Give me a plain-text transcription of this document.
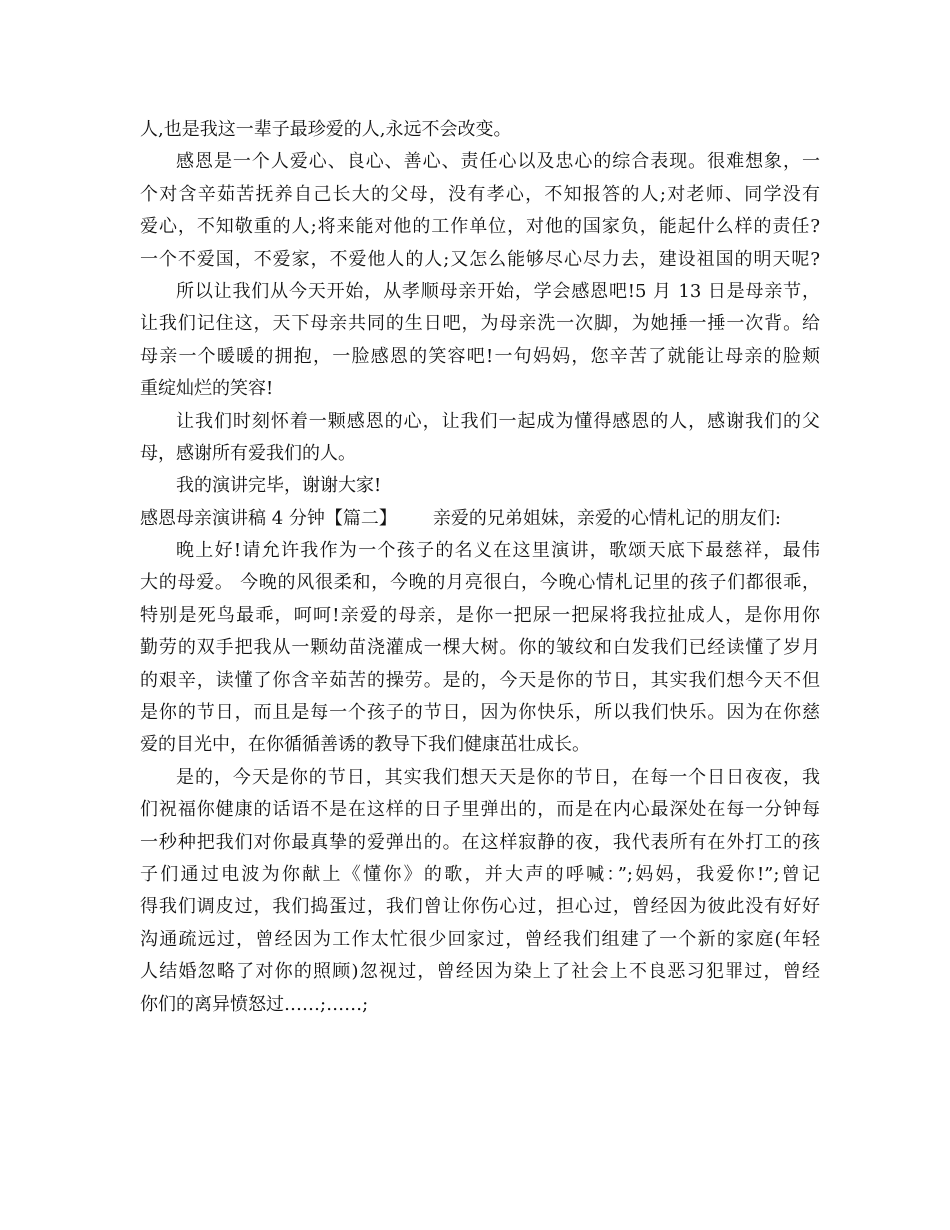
人,也是我这一辈子最珍爱的人,永远不会改变。
感恩是一个人爱心、良心、善心、责任心以及忠心的综合表现。很难想象，一
个对含辛茹苦抚养自己长大的父母，没有孝心，不知报答的人;对老师、同学没有
爱心，不知敬重的人;将来能对他的工作单位，对他的国家负，能起什么样的责任?
一个不爱国，不爱家，不爱他人的人;又怎么能够尽心尽力去，建设祖国的明天呢?
所以让我们从今天开始，从孝顺母亲开始，学会感恩吧!5 月 13 日是母亲节，
让我们记住这，天下母亲共同的生日吧，为母亲洗一次脚，为她捶一捶一次背。给
母亲一个暖暖的拥抱，一脸感恩的笑容吧!一句妈妈，您辛苦了就能让母亲的脸颊
重绽灿烂的笑容!
让我们时刻怀着一颗感恩的心，让我们一起成为懂得感恩的人，感谢我们的父
母，感谢所有爱我们的人。
我的演讲完毕，谢谢大家!
感恩母亲演讲稿 4 分钟【篇二】 亲爱的兄弟姐妹，亲爱的心情札记的朋友们:
晚上好!请允许我作为一个孩子的名义在这里演讲，歌颂天底下最慈祥，最伟
大的母爱。 今晚的风很柔和，今晚的月亮很白，今晚心情札记里的孩子们都很乖，
特别是死鸟最乖，呵呵!亲爱的母亲，是你一把尿一把屎将我拉扯成人，是你用你
勤劳的双手把我从一颗幼苗浇灌成一棵大树。你的皱纹和白发我们已经读懂了岁月
的艰辛，读懂了你含辛茹苦的操劳。是的，今天是你的节日，其实我们想今天不但
是你的节日，而且是每一个孩子的节日，因为你快乐，所以我们快乐。因为在你慈
爱的目光中，在你循循善诱的教导下我们健康茁壮成长。
是的，今天是你的节日，其实我们想天天是你的节日，在每一个日日夜夜，我
们祝福你健康的话语不是在这样的日子里弹出的，而是在内心最深处在每一分钟每
一秒种把我们对你最真挚的爱弹出的。在这样寂静的夜，我代表所有在外打工的孩
子们通过电波为你献上《懂你》的歌，并大声的呼喊：”;妈妈，我爱你!”;曾记
得我们调皮过，我们捣蛋过，我们曾让你伤心过，担心过，曾经因为彼此没有好好
沟通疏远过，曾经因为工作太忙很少回家过，曾经我们组建了一个新的家庭(年轻
人结婚忽略了对你的照顾)忽视过，曾经因为染上了社会上不良恶习犯罪过，曾经
你们的离异愤怒过……;……;
